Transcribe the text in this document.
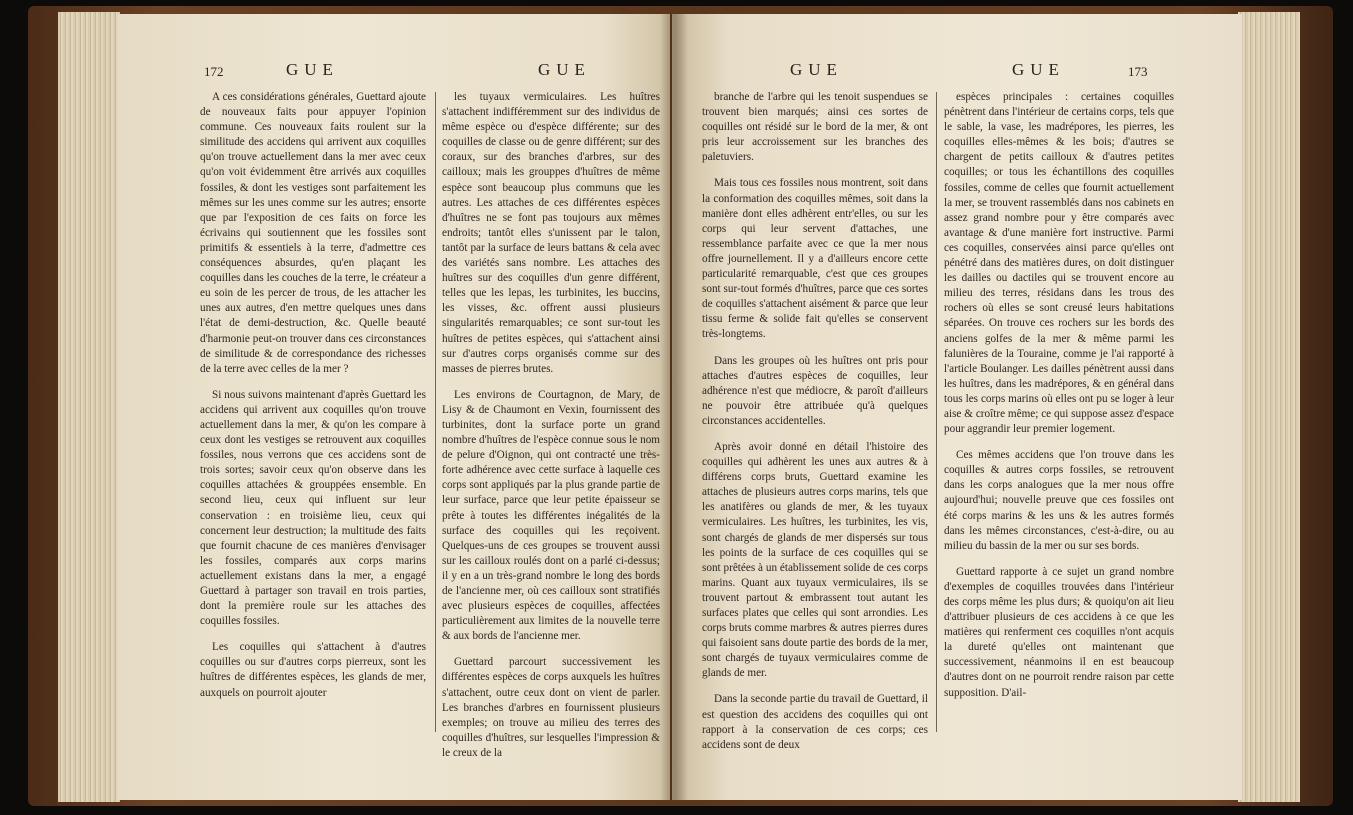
172	GUE	GUE

A ces considérations générales, Guettard ajoute de nouveaux faits pour appuyer l'opinion commune. Ces nouveaux faits roulent sur la similitude des accidens qui arrivent aux coquilles qu'on trouve actuellement dans la mer avec ceux qu'on voit évidemment être arrivés aux coquilles fossiles, & dont les vestiges sont parfaitement les mêmes sur les unes comme sur les autres; ensorte que par l'exposition de ces faits on force les écrivains qui soutiennent que les fossiles sont primitifs & essentiels à la terre, d'admettre ces conséquences absurdes, qu'en plaçant les coquilles dans les couches de la terre, le créateur a eu soin de les percer de trous, de les attacher les unes aux autres, d'en mettre quelques unes dans l'état de demi-destruction, &c. Quelle beauté d'harmonie peut-on trouver dans ces circonstances de similitude & de correspondance des richesses de la terre avec celles de la mer ?

Si nous suivons maintenant d'après Guettard les accidens qui arrivent aux coquilles qu'on trouve actuellement dans la mer, & qu'on les compare à ceux dont les vestiges se retrouvent aux coquilles fossiles, nous verrons que ces accidens sont de trois sortes; savoir ceux qu'on observe dans les coquilles attachées & grouppées ensemble. En second lieu, ceux qui influent sur leur conservation : en troisième lieu, ceux qui concernent leur destruction; la multitude des faits que fournit chacune de ces manières d'envisager les fossiles, comparés aux corps marins actuellement existans dans la mer, a engagé Guettard à partager son travail en trois parties, dont la première roule sur les attaches des coquilles fossiles.

Les coquilles qui s'attachent à d'autres coquilles ou sur d'autres corps pierreux, sont les huîtres de différentes espèces, les glands de mer, auxquels on pourroit ajouter

les tuyaux vermiculaires. Les huîtres s'attachent indifféremment sur des individus de même espèce ou d'espèce différente; sur des coquilles de classe ou de genre différent; sur des coraux, sur des branches d'arbres, sur des cailloux; mais les grouppes d'huîtres de même espèce sont beaucoup plus communs que les autres. Les attaches de ces différentes espèces d'huîtres ne se font pas toujours aux mêmes endroits; tantôt elles s'unissent par le talon, tantôt par la surface de leurs battans & cela avec des variétés sans nombre. Les attaches des huîtres sur des coquilles d'un genre différent, telles que les lepas, les turbinites, les buccins, les visses, &c. offrent aussi plusieurs singularités remarquables; ce sont sur-tout les huîtres de petites espèces, qui s'attachent ainsi sur d'autres corps organisés comme sur des masses de pierres brutes.

Les environs de Courtagnon, de Mary, de Lisy & de Chaumont en Vexin, fournissent des turbinites, dont la surface porte un grand nombre d'huîtres de l'espèce connue sous le nom de pelure d'Oignon, qui ont contracté une très-forte adhérence avec cette surface à laquelle ces corps sont appliqués par la plus grande partie de leur surface, parce que leur petite épaisseur se prête à toutes les différentes inégalités de la surface des coquilles qui les reçoivent. Quelques-uns de ces groupes se trouvent aussi sur les cailloux roulés dont on a parlé ci-dessus; il y en a un très-grand nombre le long des bords de l'ancienne mer, où ces cailloux sont stratifiés avec plusieurs espèces de coquilles, affectées particulièrement aux limites de la nouvelle terre & aux bords de l'ancienne mer.

Guettard parcourt successivement les différentes espèces de corps auxquels les huîtres s'attachent, outre ceux dont on vient de parler. Les branches d'arbres en fournissent plusieurs exemples; on trouve au milieu des terres des coquilles d'huîtres, sur lesquelles l'impression & le creux de la

GUE	GUE	173

branche de l'arbre qui les tenoit suspendues se trouvent bien marqués; ainsi ces sortes de coquilles ont résidé sur le bord de la mer, & ont pris leur accroissement sur les branches des paletuviers.

Mais tous ces fossiles nous montrent, soit dans la conformation des coquilles mêmes, soit dans la manière dont elles adhèrent entr'elles, ou sur les corps qui leur servent d'attaches, une ressemblance parfaite avec ce que la mer nous offre journellement. Il y a d'ailleurs encore cette particularité remarquable, c'est que ces groupes sont sur-tout formés d'huîtres, parce que ces sortes de coquilles s'attachent aisément & parce que leur tissu ferme & solide fait qu'elles se conservent très-longtems.

Dans les groupes où les huîtres ont pris pour attaches d'autres espèces de coquilles, leur adhérence n'est que médiocre, & paroît d'ailleurs ne pouvoir être attribuée qu'à quelques circonstances accidentelles.

Après avoir donné en détail l'histoire des coquilles qui adhèrent les unes aux autres & à différens corps bruts, Guettard examine les attaches de plusieurs autres corps marins, tels que les anatifères ou glands de mer, & les tuyaux vermiculaires. Les huîtres, les turbinites, les vis, sont chargés de glands de mer dispersés sur tous les points de la surface de ces coquilles qui se sont prêtées à un établissement solide de ces corps marins. Quant aux tuyaux vermiculaires, ils se trouvent partout & embrassent tout autant les surfaces plates que celles qui sont arrondies. Les corps bruts comme marbres & autres pierres dures qui faisoient sans doute partie des bords de la mer, sont chargés de tuyaux vermiculaires comme de glands de mer.

Dans la seconde partie du travail de Guettard, il est question des accidens des coquilles qui ont rapport à la conservation de ces corps; ces accidens sont de deux

espèces principales : certaines coquilles pénètrent dans l'intérieur de certains corps, tels que le sable, la vase, les madrépores, les pierres, les coquilles elles-mêmes & les bois; d'autres se chargent de petits cailloux & d'autres petites coquilles; or tous les échantillons des coquilles fossiles, comme de celles que fournit actuellement la mer, se trouvent rassemblés dans nos cabinets en assez grand nombre pour y être comparés avec avantage & d'une manière fort instructive. Parmi ces coquilles, conservées ainsi parce qu'elles ont pénétré dans des matières dures, on doit distinguer les dailles ou dactiles qui se trouvent encore au milieu des terres, résidans dans les trous des rochers où elles se sont creusé leurs habitations séparées. On trouve ces rochers sur les bords des anciens golfes de la mer & même parmi les falunières de la Touraine, comme je l'ai rapporté à l'article Boulanger. Les dailles pénètrent aussi dans les huîtres, dans les madrépores, & en général dans tous les corps marins où elles ont pu se loger à leur aise & croître même; ce qui suppose assez d'espace pour aggrandir leur premier logement.

Ces mêmes accidens que l'on trouve dans les coquilles & autres corps fossiles, se retrouvent dans les corps analogues que la mer nous offre aujourd'hui; nouvelle preuve que ces fossiles ont été corps marins & les uns & les autres formés dans les mêmes circonstances, c'est-à-dire, ou au milieu du bassin de la mer ou sur ses bords.

Guettard rapporte à ce sujet un grand nombre d'exemples de coquilles trouvées dans l'intérieur des corps même les plus durs; & quoiqu'on ait lieu d'attribuer plusieurs de ces accidens à ce que les matières qui renferment ces coquilles n'ont acquis la dureté qu'elles ont maintenant que successivement, néanmoins il en est beaucoup d'autres dont on ne pourroit rendre raison par cette supposition. D'ail-
